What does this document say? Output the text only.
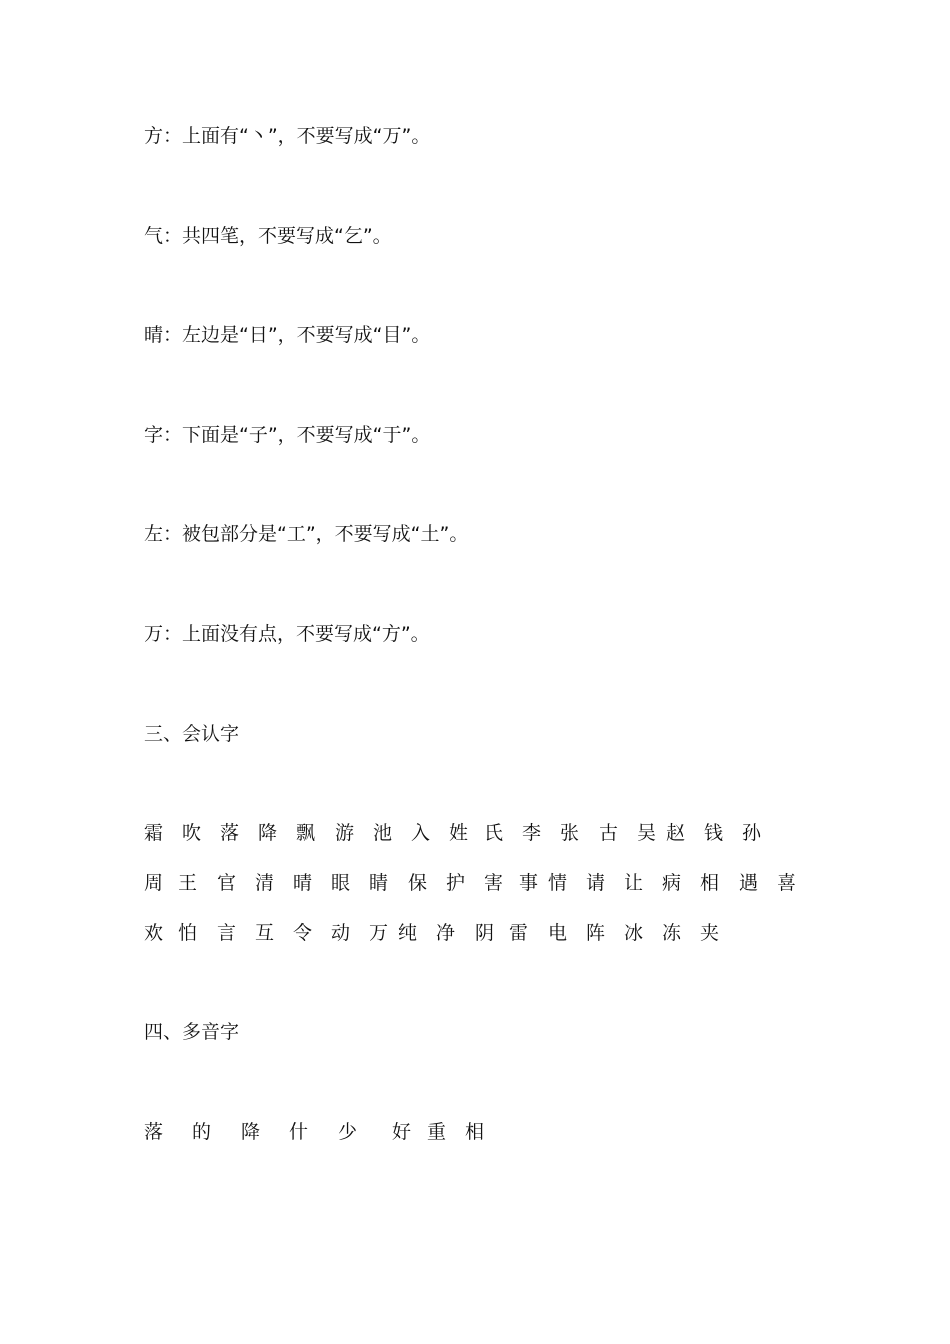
方：上面有“丶”，不要写成“万”。
气：共四笔，不要写成“乞”。
晴：左边是“日”，不要写成“目”。
字：下面是“子”，不要写成“于”。
左：被包部分是“工”，不要写成“土”。
万：上面没有点，不要写成“方”。
三、会认字
霜 吹 落 降 飘 游 池 入 姓 氏 李 张 古 吴 赵 钱 孙
周 王 官 清 晴 眼 睛 保 护 害 事 情 请 让 病 相 遇 喜
欢 怕 言 互 令 动 万 纯 净 阴 雷 电 阵 冰 冻 夹
四、多音字
落 的 降 什 少 好 重 相
